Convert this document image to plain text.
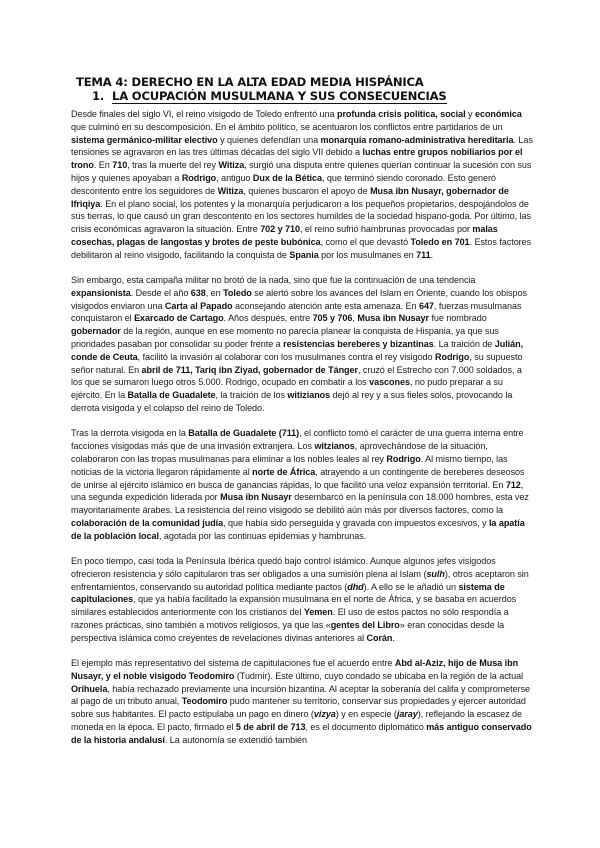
TEMA 4: DERECHO EN LA ALTA EDAD MEDIA HISPÁNICA

1. LA OCUPACIÓN MUSULMANA Y SUS CONSECUENCIAS

Desde finales del siglo VI, el reino visigodo de Toledo enfrentó una profunda crisis política, social y económica que culminó en su descomposición. En el ámbito político, se acentuaron los conflictos entre partidarios de un sistema germánico-militar electivo y quienes defendían una monarquía romano-administrativa hereditaria. Las tensiones se agravaron en las tres últimas décadas del siglo VII debido a luchas entre grupos nobiliarios por el trono. En 710, tras la muerte del rey Witiza, surgió una disputa entre quienes querían continuar la sucesión con sus hijos y quienes apoyaban a Rodrigo, antiguo Dux de la Bética, que terminó siendo coronado. Esto generó descontento entre los seguidores de Witiza, quienes buscaron el apoyo de Musa ibn Nusayr, gobernador de Ifriqiya. En el plano social, los potentes y la monarquía perjudicaron a los pequeños propietarios, despojándolos de sus tierras, lo que causó un gran descontento en los sectores humildes de la sociedad hispano-goda. Por último, las crisis económicas agravaron la situación. Entre 702 y 710, el reino sufrió hambrunas provocadas por malas cosechas, plagas de langostas y brotes de peste bubónica, como el que devastó Toledo en 701. Estos factores debilitaron al reino visigodo, facilitando la conquista de Spania por los musulmanes en 711.

Sin embargo, esta campaña militar no brotó de la nada, sino que fue la continuación de una tendencia expansionista. Desde el año 638, en Toledo se alertó sobre los avances del Islam en Oriente, cuando los obispos visigodos enviaron una Carta al Papado aconsejando atención ante esta amenaza. En 647, fuerzas musulmanas conquistaron el Exarcado de Cartago. Años después, entre 705 y 706, Musa ibn Nusayr fue nombrado gobernador de la región, aunque en ese momento no parecía planear la conquista de Hispania, ya que sus prioridades pasaban por consolidar su poder frente a resistencias bereberes y bizantinas. La traición de Julián, conde de Ceuta, facilitó la invasión al colaborar con los musulmanes contra el rey visigodo Rodrigo, su supuesto señor natural. En abril de 711, Tariq ibn Ziyad, gobernador de Tánger, cruzó el Estrecho con 7.000 soldados, a los que se sumaron luego otros 5.000. Rodrigo, ocupado en combatir a los vascones, no pudo preparar a su ejército. En la Batalla de Guadalete, la traición de los witizianos dejó al rey y a sus fieles solos, provocando la derrota visigoda y el colapso del reino de Toledo.

Tras la derrota visigoda en la Batalla de Guadalete (711), el conflicto tomó el carácter de una guerra interna entre facciones visigodas más que de una invasión extranjera. Los witzianos, aprovechándose de la situación, colaboraron con las tropas musulmanas para eliminar a los nobles leales al rey Rodrigo. Al mismo tiempo, las noticias de la victoria llegaron rápidamente al norte de África, atrayendo a un contingente de bereberes deseosos de unirse al ejército islámico en busca de ganancias rápidas, lo que facilitó una veloz expansión territorial. En 712, una segunda expedición liderada por Musa ibn Nusayr desembarcó en la península con 18.000 hombres, esta vez mayoritariamente árabes. La resistencia del reino visigodo se debilitó aún más por diversos factores, como la colaboración de la comunidad judía, que había sido perseguida y gravada con impuestos excesivos, y la apatía de la población local, agotada por las continuas epidemias y hambrunas.

En poco tiempo, casi toda la Península Ibérica quedó bajo control islámico. Aunque algunos jefes visigodos ofrecieron resistencia y sólo capitularon tras ser obligados a una sumisión plena al Islam (sulh), otros aceptaron sin enfrentamientos, conservando su autoridad política mediante pactos (dhd). A ello se le añadió un sistema de capitulaciones, que ya había facilitado la expansión musulmana en el norte de África, y se basaba en acuerdos similares establecidos anteriormente con los cristianos del Yemen. El uso de estos pactos no sólo respondía a razones prácticas, sino también a motivos religiosos, ya que las «gentes del Libro» eran conocidas desde la perspectiva islámica como creyentes de revelaciones divinas anteriores al Corán.

El ejemplo más representativo del sistema de capitulaciones fue el acuerdo entre Abd al-Aziz, hijo de Musa ibn Nusayr, y el noble visigodo Teodomiro (Tudmir). Este último, cuyo condado se ubicaba en la región de la actual Orihuela, había rechazado previamente una incursión bizantina. Al aceptar la soberanía del califa y comprometerse al pago de un tributo anual, Teodomiro pudo mantener su territorio, conservar sus propiedades y ejercer autoridad sobre sus habitantes. El pacto estipulaba un pago en dinero (vizya) y en especie (jaray), reflejando la escasez de moneda en la época. El pacto, firmado el 5 de abril de 713, es el documento diplomático más antiguo conservado de la historia andalusí. La autonomía se extendió también
